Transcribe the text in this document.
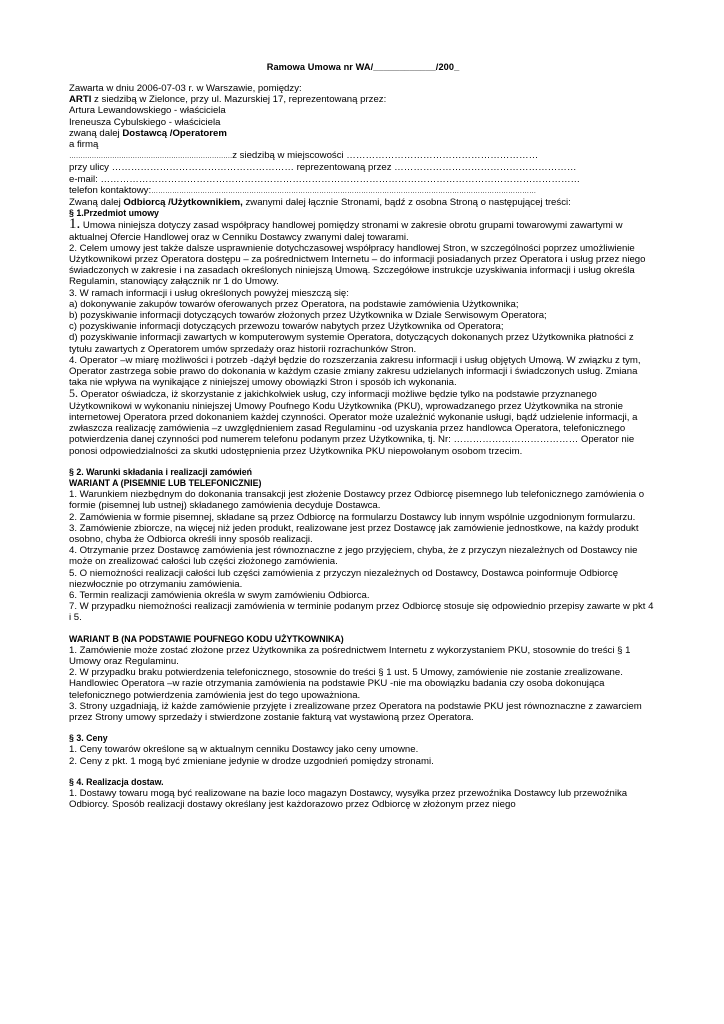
Ramowa Umowa nr WA/____________/200_

Zawarta w dniu 2006-07-03 r. w Warszawie, pomiędzy:

ARTI z siedzibą w Zielonce, przy ul. Mazurskiej 17, reprezentowaną przez:

Artura Lewandowskiego - właściciela

Ireneusza Cybulskiego - właściciela

zwaną dalej Dostawcą /Operatorem

a firmą

………………………………………………………………z siedzibą w miejscowości ……………………………………………………

przy ulicy ………………………………………………… reprezentowaną przez …………………………………………………

e-mail: ……………………………………………………………………………………………………………………………………

telefon kontaktowy:…………………………………………………………………………………………………………………………………………………

Zwaną dalej Odbiorcą /Użytkownikiem, zwanymi dalej łącznie Stronami, bądź z osobna Stroną o następującej treści:

§ 1.Przedmiot umowy

1. Umowa niniejsza dotyczy zasad współpracy handlowej pomiędzy stronami w zakresie obrotu grupami towarowymi zawartymi w aktualnej Ofercie Handlowej oraz w Cenniku Dostawcy zwanymi dalej towarami.

2. Celem umowy jest także dalsze usprawnienie dotychczasowej współpracy handlowej Stron, w szczególności poprzez umożliwienie Użytkownikowi przez Operatora dostępu – za pośrednictwem Internetu – do informacji posiadanych przez Operatora i usług przez niego świadczonych w zakresie i na zasadach określonych niniejszą Umową. Szczegółowe instrukcje uzyskiwania informacji i usług określa Regulamin, stanowiący załącznik nr 1 do Umowy.

3. W ramach informacji i usług określonych powyżej mieszczą się:

a) dokonywanie zakupów towarów oferowanych przez Operatora, na podstawie zamówienia Użytkownika;

b) pozyskiwanie informacji dotyczących towarów złożonych przez Użytkownika w Dziale Serwisowym Operatora;

c) pozyskiwanie informacji dotyczących przewozu towarów nabytych przez Użytkownika od Operatora;

d) pozyskiwanie informacji zawartych w komputerowym systemie Operatora, dotyczących dokonanych przez Użytkownika płatności z tytułu zawartych z Operatorem umów sprzedaży oraz historii rozrachunków Stron.

4. Operator –w miarę możliwości i potrzeb -dążył będzie do rozszerzania zakresu informacji i usług objętych Umową. W związku z tym, Operator zastrzega sobie prawo do dokonania w każdym czasie zmiany zakresu udzielanych informacji i świadczonych usług. Zmiana taka nie wpływa na wynikające z niniejszej umowy obowiązki Stron i sposób ich wykonania.

5. Operator oświadcza, iż skorzystanie z jakichkolwiek usług, czy informacji możliwe będzie tylko na podstawie przyznanego Użytkownikowi w wykonaniu niniejszej Umowy Poufnego Kodu Użytkownika (PKU), wprowadzanego przez Użytkownika na stronie internetowej Operatora przed dokonaniem każdej czynności. Operator może uzależnić wykonanie usługi, bądź udzielenie informacji, a zwłaszcza realizację zamówienia –z uwzględnieniem zasad Regulaminu -od uzyskania przez handlowca Operatora, telefonicznego potwierdzenia danej czynności pod numerem telefonu podanym przez Użytkownika, tj. Nr: ………………………………… Operator nie ponosi odpowiedzialności za skutki udostępnienia przez Użytkownika PKU niepowołanym osobom trzecim.

§ 2. Warunki składania i realizacji zamówień

WARIANT A (PISEMNIE LUB TELEFONICZNIE)

1. Warunkiem niezbędnym do dokonania transakcji jest złożenie Dostawcy przez Odbiorcę pisemnego lub telefonicznego zamówienia o formie (pisemnej lub ustnej) składanego zamówienia decyduje Dostawca.

2. Zamówienia w formie pisemnej, składane są przez Odbiorcę na formularzu Dostawcy lub innym wspólnie uzgodnionym formularzu.

3. Zamówienie zbiorcze, na więcej niż jeden produkt, realizowane jest przez Dostawcę jak zamówienie jednostkowe, na każdy produkt osobno, chyba że Odbiorca określi inny sposób realizacji.

4. Otrzymanie przez Dostawcę zamówienia jest równoznaczne z jego przyjęciem, chyba, że z przyczyn niezależnych od Dostawcy nie może on zrealizować całości lub części złożonego zamówienia.

5. O niemożności realizacji całości lub części zamówienia z przyczyn niezależnych od Dostawcy, Dostawca poinformuje Odbiorcę niezwłocznie po otrzymaniu zamówienia.

6. Termin realizacji zamówienia określa w swym zamówieniu Odbiorca.

7. W przypadku niemożności realizacji zamówienia w terminie podanym przez Odbiorcę stosuje się odpowiednio przepisy zawarte w pkt 4 i 5.

WARIANT B (NA PODSTAWIE POUFNEGO KODU UŻYTKOWNIKA)

1. Zamówienie może zostać złożone przez Użytkownika za pośrednictwem Internetu z wykorzystaniem PKU, stosownie do treści § 1 Umowy oraz Regulaminu.

2. W przypadku braku potwierdzenia telefonicznego, stosownie do treści § 1 ust. 5 Umowy, zamówienie nie zostanie zrealizowane. Handlowiec Operatora –w razie otrzymania zamówienia na podstawie PKU -nie ma obowiązku badania czy osoba dokonująca telefonicznego potwierdzenia zamówienia jest do tego upoważniona.

3. Strony uzgadniają, iż każde zamówienie przyjęte i zrealizowane przez Operatora na podstawie PKU jest równoznaczne z zawarciem przez Strony umowy sprzedaży i stwierdzone zostanie fakturą vat wystawioną przez Operatora.

§ 3. Ceny

1. Ceny towarów określone są w aktualnym cenniku Dostawcy jako ceny umowne.

2. Ceny z pkt. 1 mogą być zmieniane jedynie w drodze uzgodnień pomiędzy stronami.

§ 4. Realizacja dostaw.

1. Dostawy towaru mogą być realizowane na bazie loco magazyn Dostawcy, wysyłka przez przewoźnika Dostawcy lub przewoźnika Odbiorcy. Sposób realizacji dostawy określany jest każdorazowo przez Odbiorcę w złożonym przez niego
